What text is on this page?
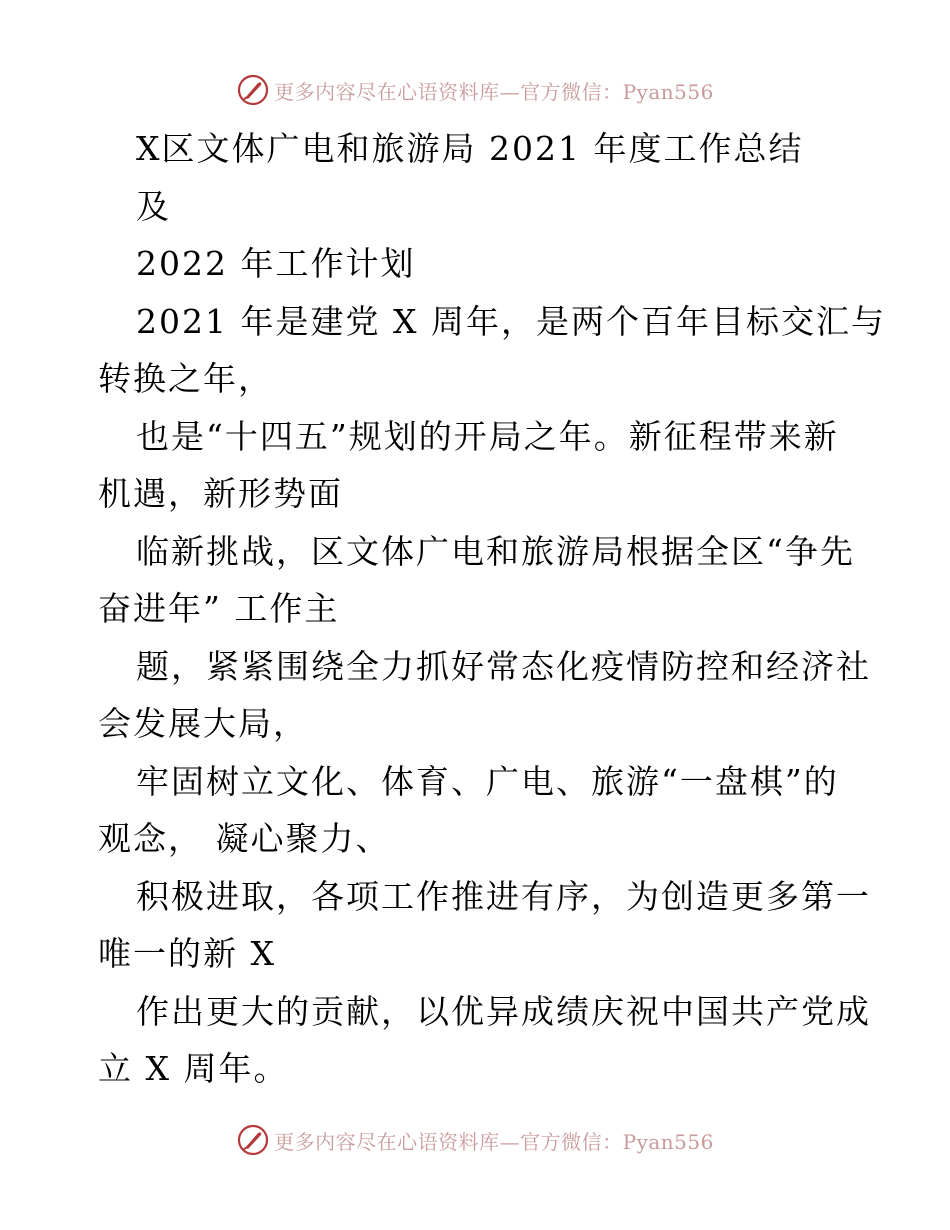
更多内容尽在心语资料库—官方微信：Pyan556
X区文体广电和旅游局 2021 年度工作总结
及
2022 年工作计划
2021 年是建党 X 周年，是两个百年目标交汇与
转换之年，
也是“十四五”规划的开局之年。新征程带来新
机遇，新形势面
临新挑战，区文体广电和旅游局根据全区“争先
奋进年” 工作主
题，紧紧围绕全力抓好常态化疫情防控和经济社
会发展大局，
牢固树立文化、体育、广电、旅游“一盘棋”的
观念， 凝心聚力、
积极进取，各项工作推进有序，为创造更多第一
唯一的新 X
作出更大的贡献，以优异成绩庆祝中国共产党成
立 X 周年。
更多内容尽在心语资料库—官方微信：Pyan556
